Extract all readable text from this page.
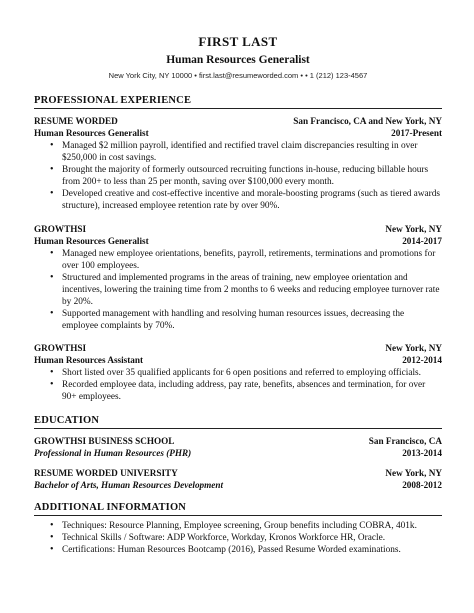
FIRST LAST
Human Resources Generalist
New York City, NY 10000 • first.last@resumeworded.com • • 1 (212) 123-4567
PROFESSIONAL EXPERIENCE
RESUME WORDED	San Francisco, CA and New York, NY
Human Resources Generalist	2017-Present
• Managed $2 million payroll, identified and rectified travel claim discrepancies resulting in over $250,000 in cost savings.
• Brought the majority of formerly outsourced recruiting functions in-house, reducing billable hours from 200+ to less than 25 per month, saving over $100,000 every month.
• Developed creative and cost-effective incentive and morale-boosting programs (such as tiered awards structure), increased employee retention rate by over 90%.
GROWTHSI	New York, NY
Human Resources Generalist	2014-2017
• Managed new employee orientations, benefits, payroll, retirements, terminations and promotions for over 100 employees.
• Structured and implemented programs in the areas of training, new employee orientation and incentives, lowering the training time from 2 months to 6 weeks and reducing employee turnover rate by 20%.
• Supported management with handling and resolving human resources issues, decreasing the employee complaints by 70%.
GROWTHSI	New York, NY
Human Resources Assistant	2012-2014
• Short listed over 35 qualified applicants for 6 open positions and referred to employing officials.
• Recorded employee data, including address, pay rate, benefits, absences and termination, for over 90+ employees.
EDUCATION
GROWTHSI BUSINESS SCHOOL	San Francisco, CA
Professional in Human Resources (PHR)	2013-2014
RESUME WORDED UNIVERSITY	New York, NY
Bachelor of Arts, Human Resources Development	2008-2012
ADDITIONAL INFORMATION
• Techniques: Resource Planning, Employee screening, Group benefits including COBRA, 401k.
• Technical Skills / Software: ADP Workforce, Workday, Kronos Workforce HR, Oracle.
• Certifications: Human Resources Bootcamp (2016), Passed Resume Worded examinations.
